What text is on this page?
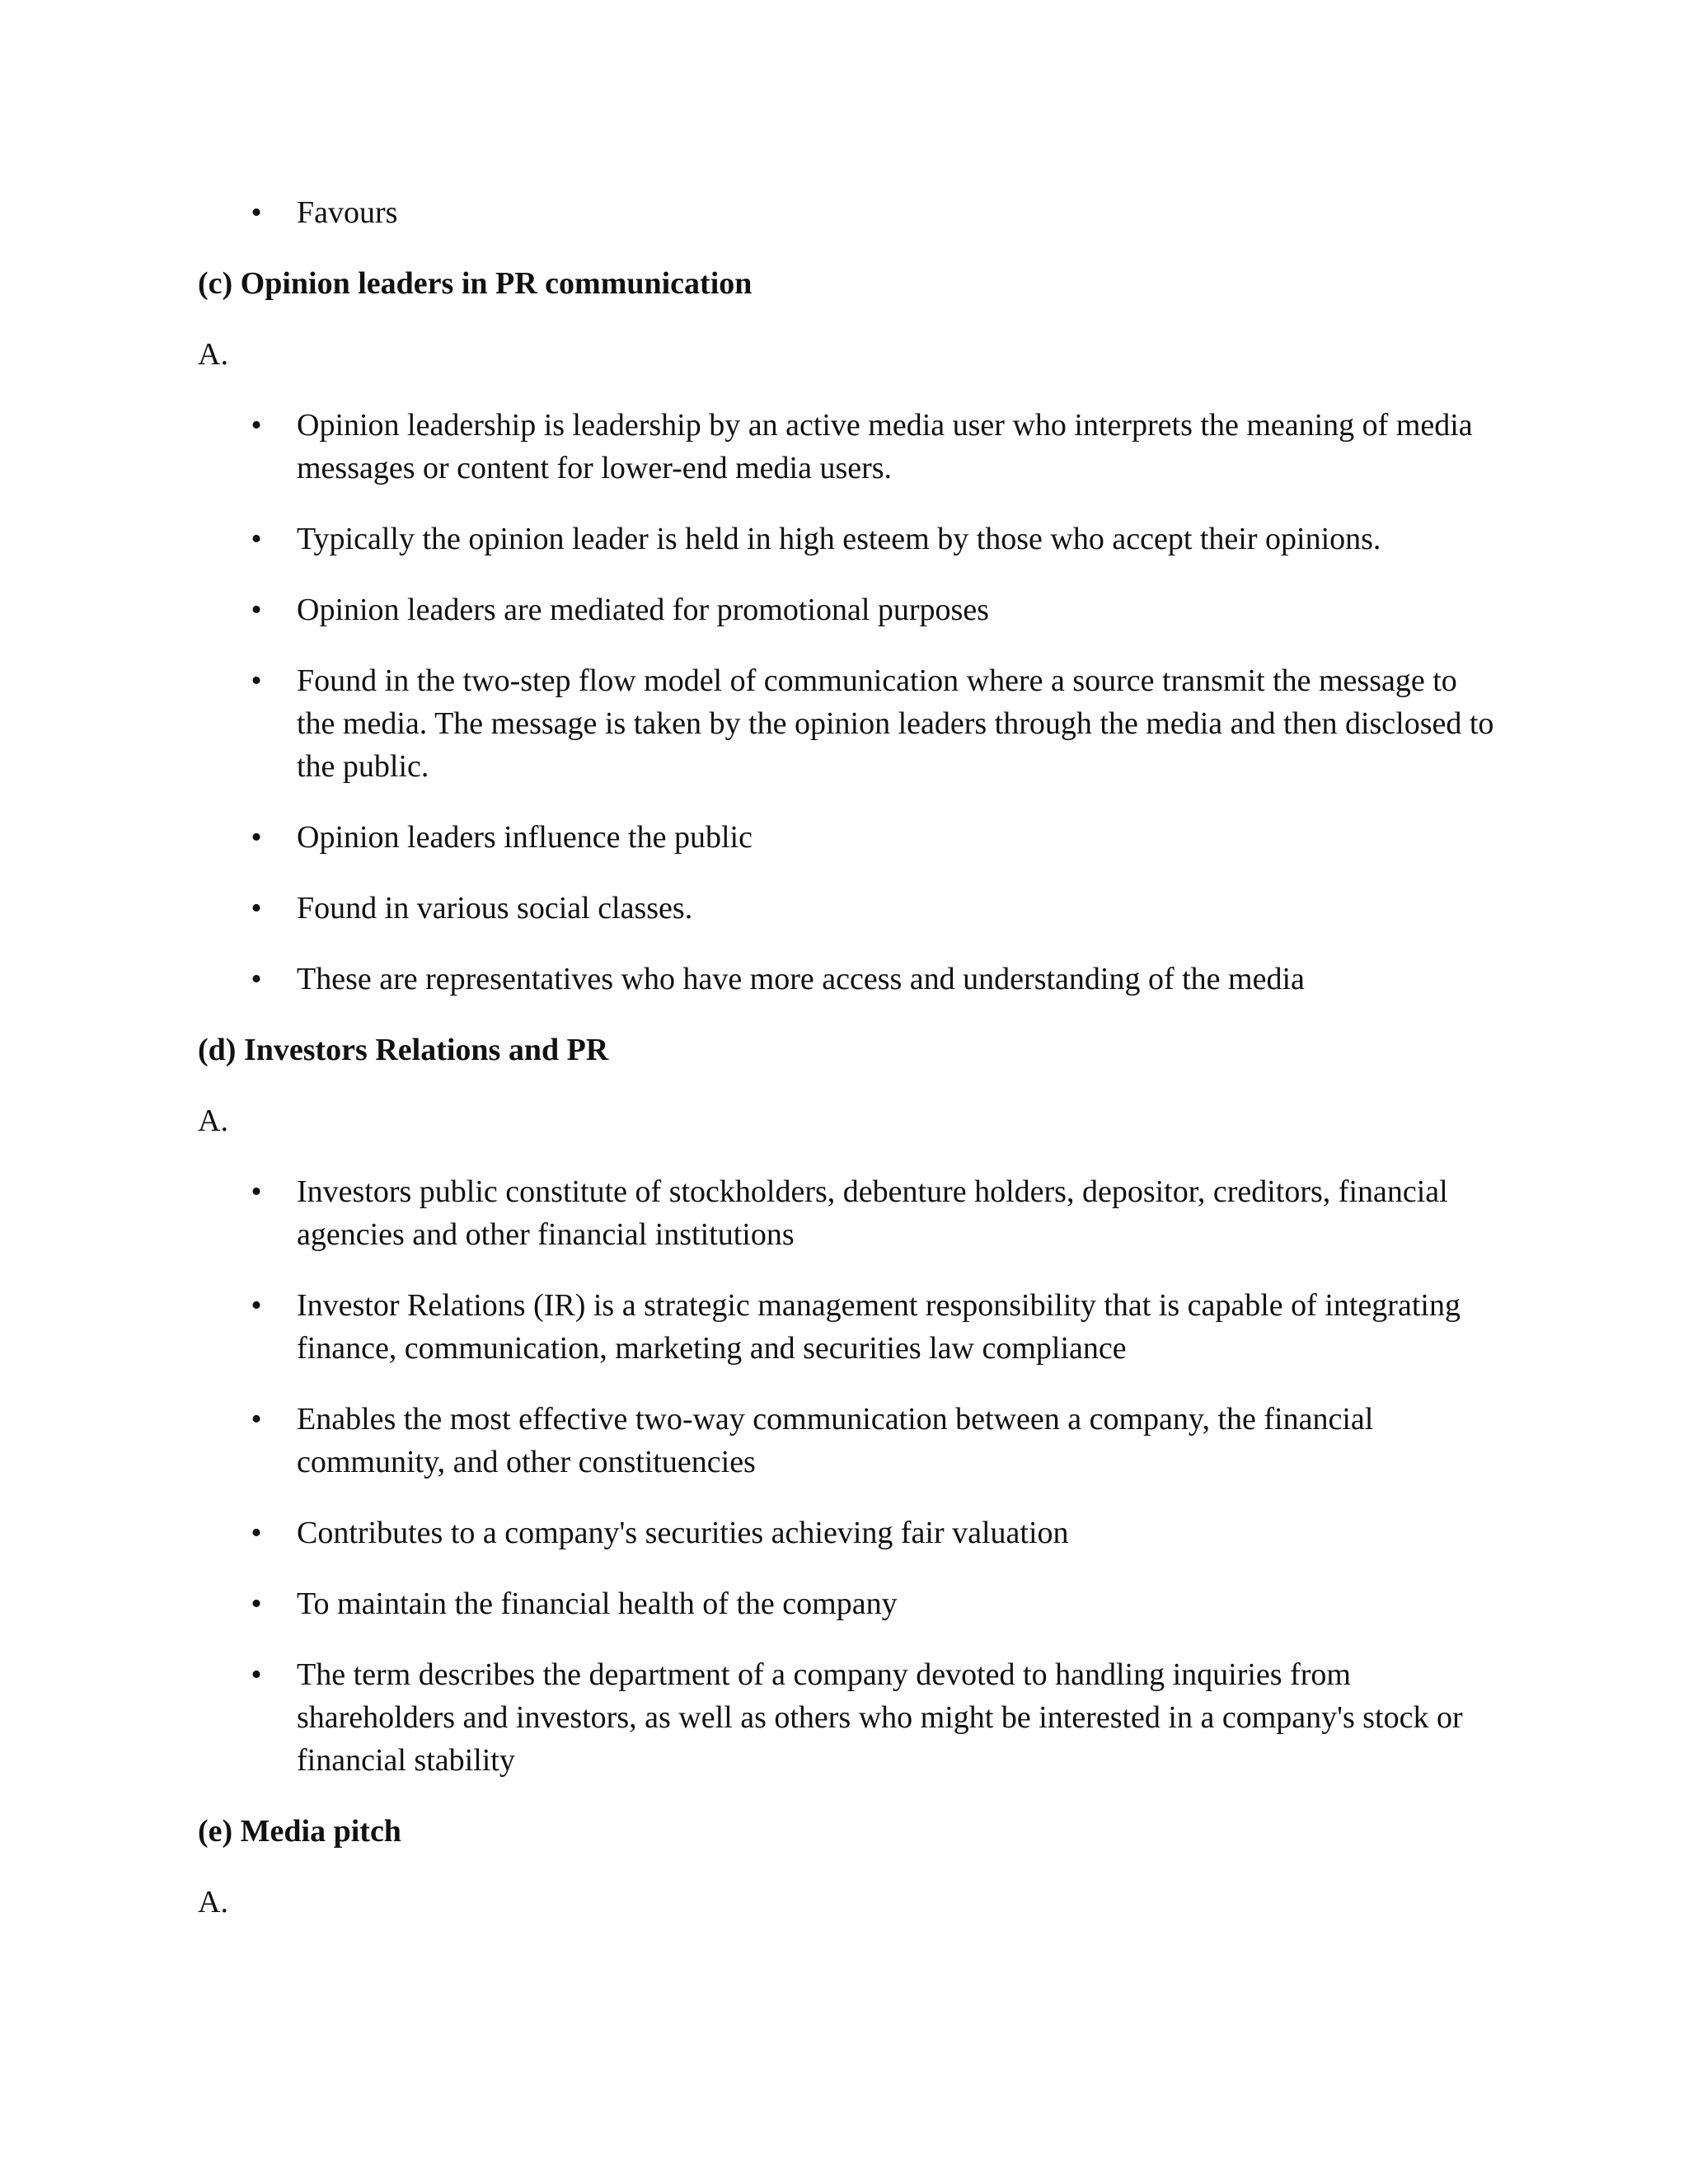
• Favours
(c) Opinion leaders in PR communication
A.
• Opinion leadership is leadership by an active media user who interprets the meaning of media messages or content for lower-end media users.
• Typically the opinion leader is held in high esteem by those who accept their opinions.
• Opinion leaders are mediated for promotional purposes
• Found in the two-step flow model of communication where a source transmit the message to the media. The message is taken by the opinion leaders through the media and then disclosed to the public.
• Opinion leaders influence the public
• Found in various social classes.
• These are representatives who have more access and understanding of the media
(d) Investors Relations and PR
A.
• Investors public constitute of stockholders, debenture holders, depositor, creditors, financial agencies and other financial institutions
• Investor Relations (IR) is a strategic management responsibility that is capable of integrating finance, communication, marketing and securities law compliance
• Enables the most effective two-way communication between a company, the financial community, and other constituencies
• Contributes to a company's securities achieving fair valuation
• To maintain the financial health of the company
• The term describes the department of a company devoted to handling inquiries from shareholders and investors, as well as others who might be interested in a company's stock or financial stability
(e) Media pitch
A.
